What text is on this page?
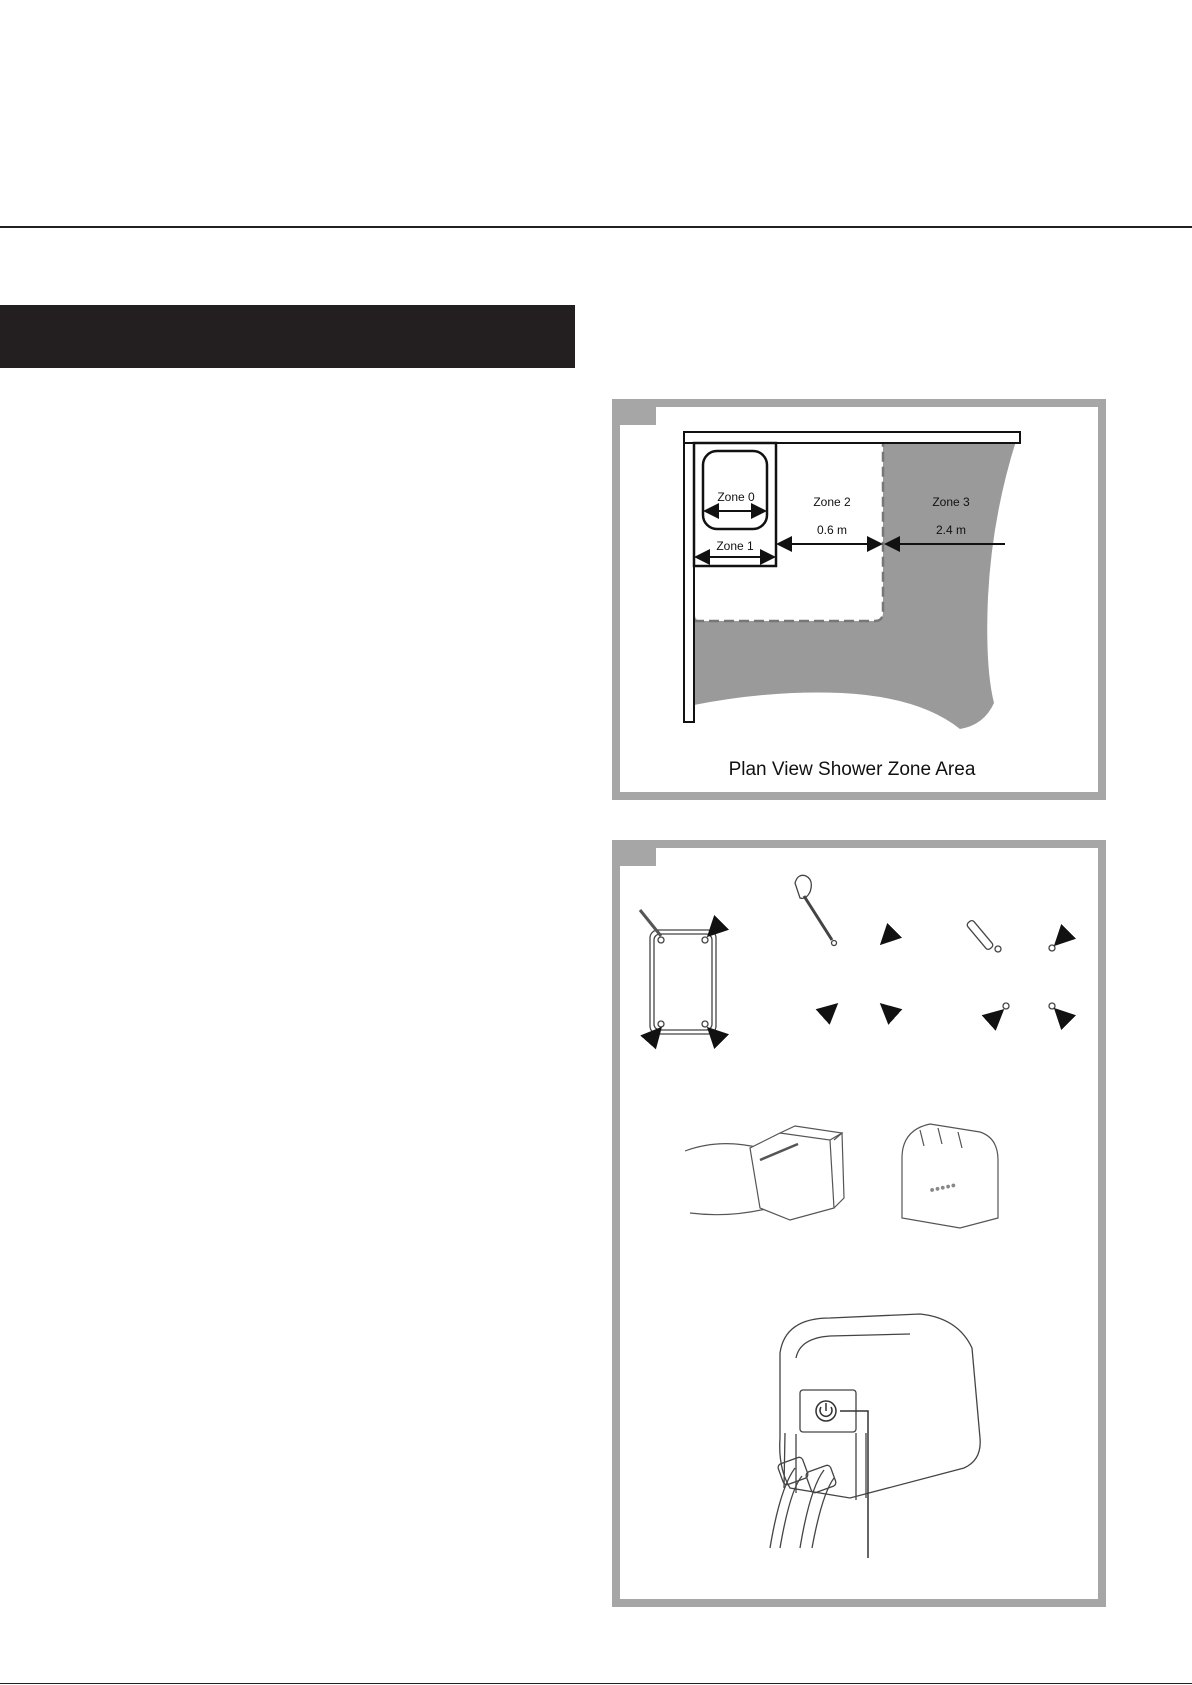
Zone 0
Zone 1
Zone 2
0.6 m
Zone 3
2.4 m
Plan View Shower Zone Area
●●●●●
